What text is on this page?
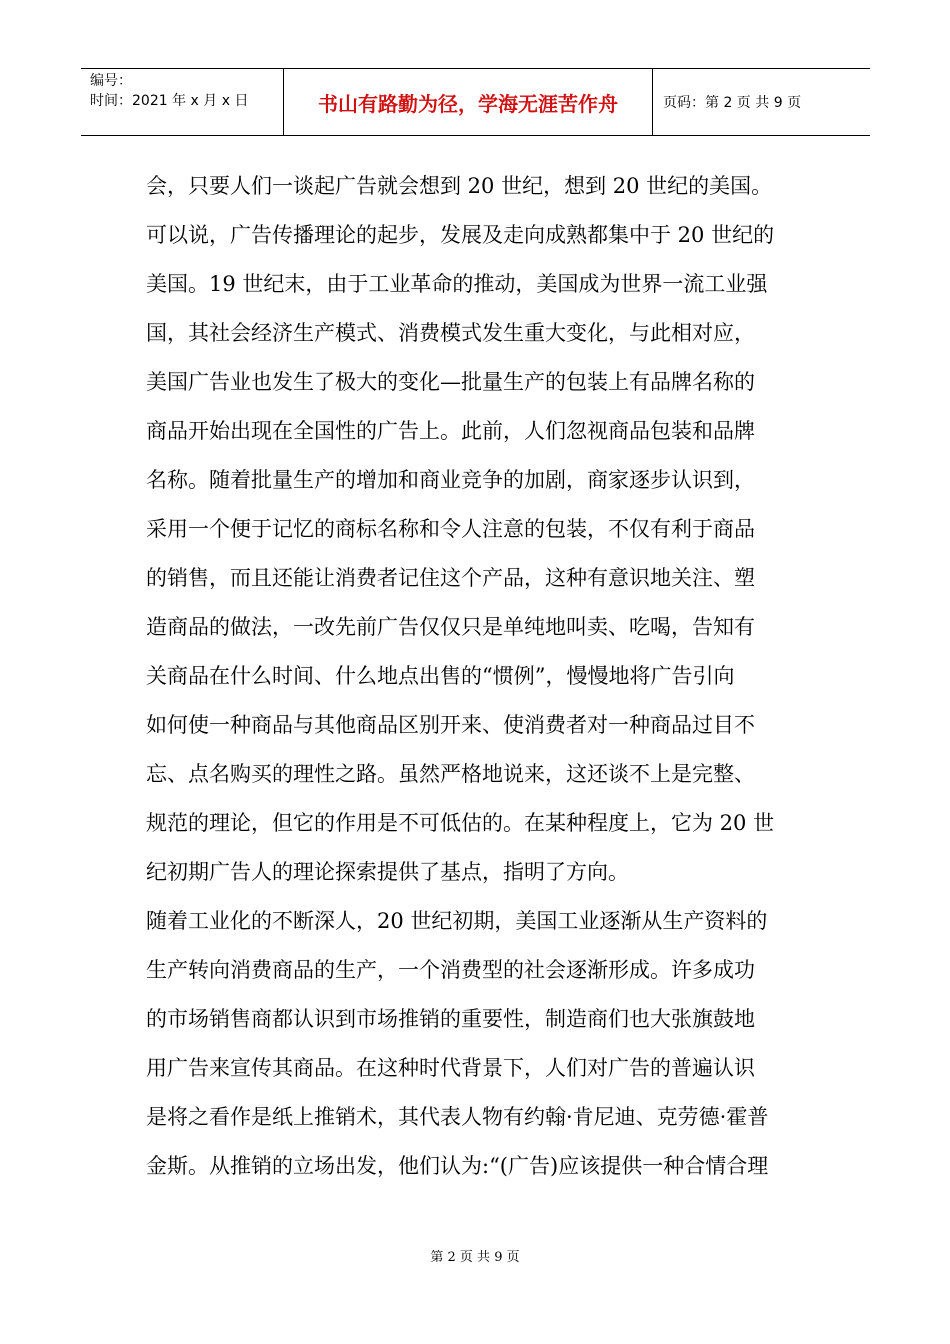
编号：
时间：2021 年 x 月 x 日	书山有路勤为径，学海无涯苦作舟	页码：第 2 页 共 9 页
会，只要人们一谈起广告就会想到 20 世纪，想到 20 世纪的美国。
可以说，广告传播理论的起步，发展及走向成熟都集中于 20 世纪的
美国。19 世纪末，由于工业革命的推动，美国成为世界一流工业强
国，其社会经济生产模式、消费模式发生重大变化，与此相对应，
美国广告业也发生了极大的变化—批量生产的包装上有品牌名称的
商品开始出现在全国性的广告上。此前，人们忽视商品包装和品牌
名称。随着批量生产的增加和商业竞争的加剧，商家逐步认识到，
采用一个便于记忆的商标名称和令人注意的包装，不仅有利于商品
的销售，而且还能让消费者记住这个产品，这种有意识地关注、塑
造商品的做法，一改先前广告仅仅只是单纯地叫卖、吃喝，告知有
关商品在什么时间、什么地点出售的“惯例”，慢慢地将广告引向
如何使一种商品与其他商品区别开来、使消费者对一种商品过目不
忘、点名购买的理性之路。虽然严格地说来，这还谈不上是完整、
规范的理论，但它的作用是不可低估的。在某种程度上，它为 20 世
纪初期广告人的理论探索提供了基点，指明了方向。
随着工业化的不断深人，20 世纪初期，美国工业逐渐从生产资料的
生产转向消费商品的生产，一个消费型的社会逐渐形成。许多成功
的市场销售商都认识到市场推销的重要性，制造商们也大张旗鼓地
用广告来宣传其商品。在这种时代背景下，人们对广告的普遍认识
是将之看作是纸上推销术，其代表人物有约翰·肯尼迪、克劳德·霍普
金斯。从推销的立场出发，他们认为:“(广告)应该提供一种合情合理
第 2 页 共 9 页
